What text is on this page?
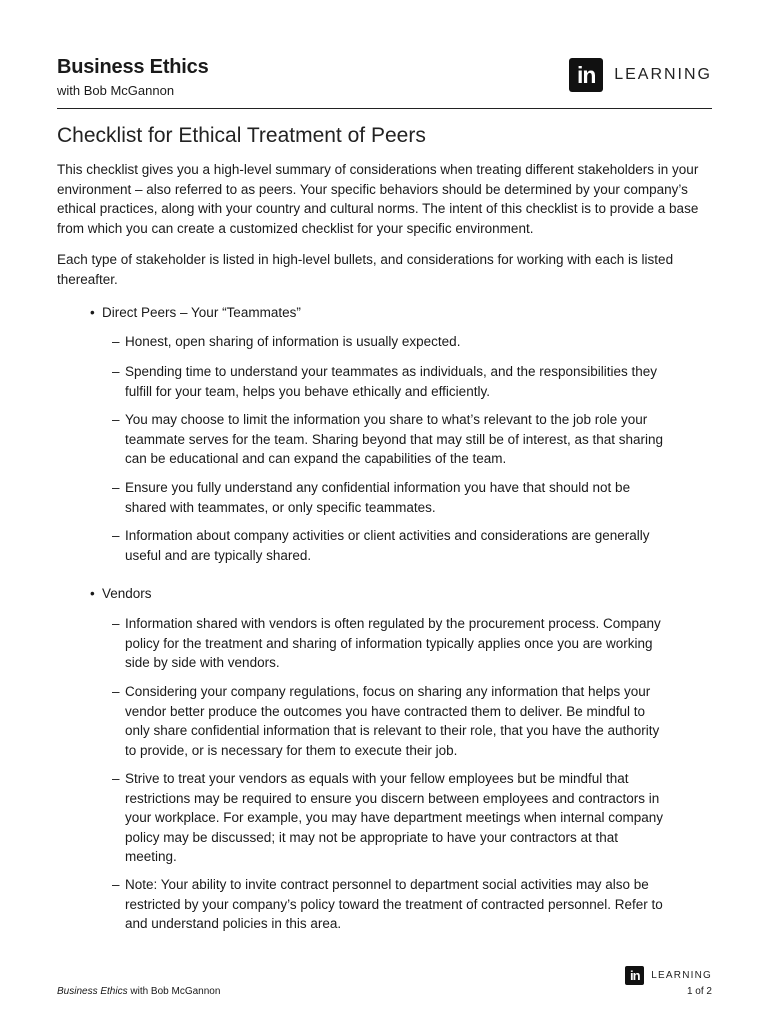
Business Ethics
with Bob McGannon
in	LEARNING
Checklist for Ethical Treatment of Peers
This checklist gives you a high-level summary of considerations when treating different stakeholders in your environment – also referred to as peers. Your specific behaviors should be determined by your company’s ethical practices, along with your country and cultural norms. The intent of this checklist is to provide a base from which you can create a customized checklist for your specific environment.
Each type of stakeholder is listed in high-level bullets, and considerations for working with each is listed thereafter.
• Direct Peers – Your “Teammates”
– Honest, open sharing of information is usually expected.
– Spending time to understand your teammates as individuals, and the responsibilities they fulfill for your team, helps you behave ethically and efficiently.
– You may choose to limit the information you share to what’s relevant to the job role your teammate serves for the team. Sharing beyond that may still be of interest, as that sharing can be educational and can expand the capabilities of the team.
– Ensure you fully understand any confidential information you have that should not be shared with teammates, or only specific teammates.
– Information about company activities or client activities and considerations are generally useful and are typically shared.
• Vendors
– Information shared with vendors is often regulated by the procurement process. Company policy for the treatment and sharing of information typically applies once you are working side by side with vendors.
– Considering your company regulations, focus on sharing any information that helps your vendor better produce the outcomes you have contracted them to deliver. Be mindful to only share confidential information that is relevant to their role, that you have the authority to provide, or is necessary for them to execute their job.
– Strive to treat your vendors as equals with your fellow employees but be mindful that restrictions may be required to ensure you discern between employees and contractors in your workplace. For example, you may have department meetings when internal company policy may be discussed; it may not be appropriate to have your contractors at that meeting.
– Note: Your ability to invite contract personnel to department social activities may also be restricted by your company’s policy toward the treatment of contracted personnel. Refer to and understand policies in this area.
Business Ethics with Bob McGannon
in	LEARNING
1 of 2
